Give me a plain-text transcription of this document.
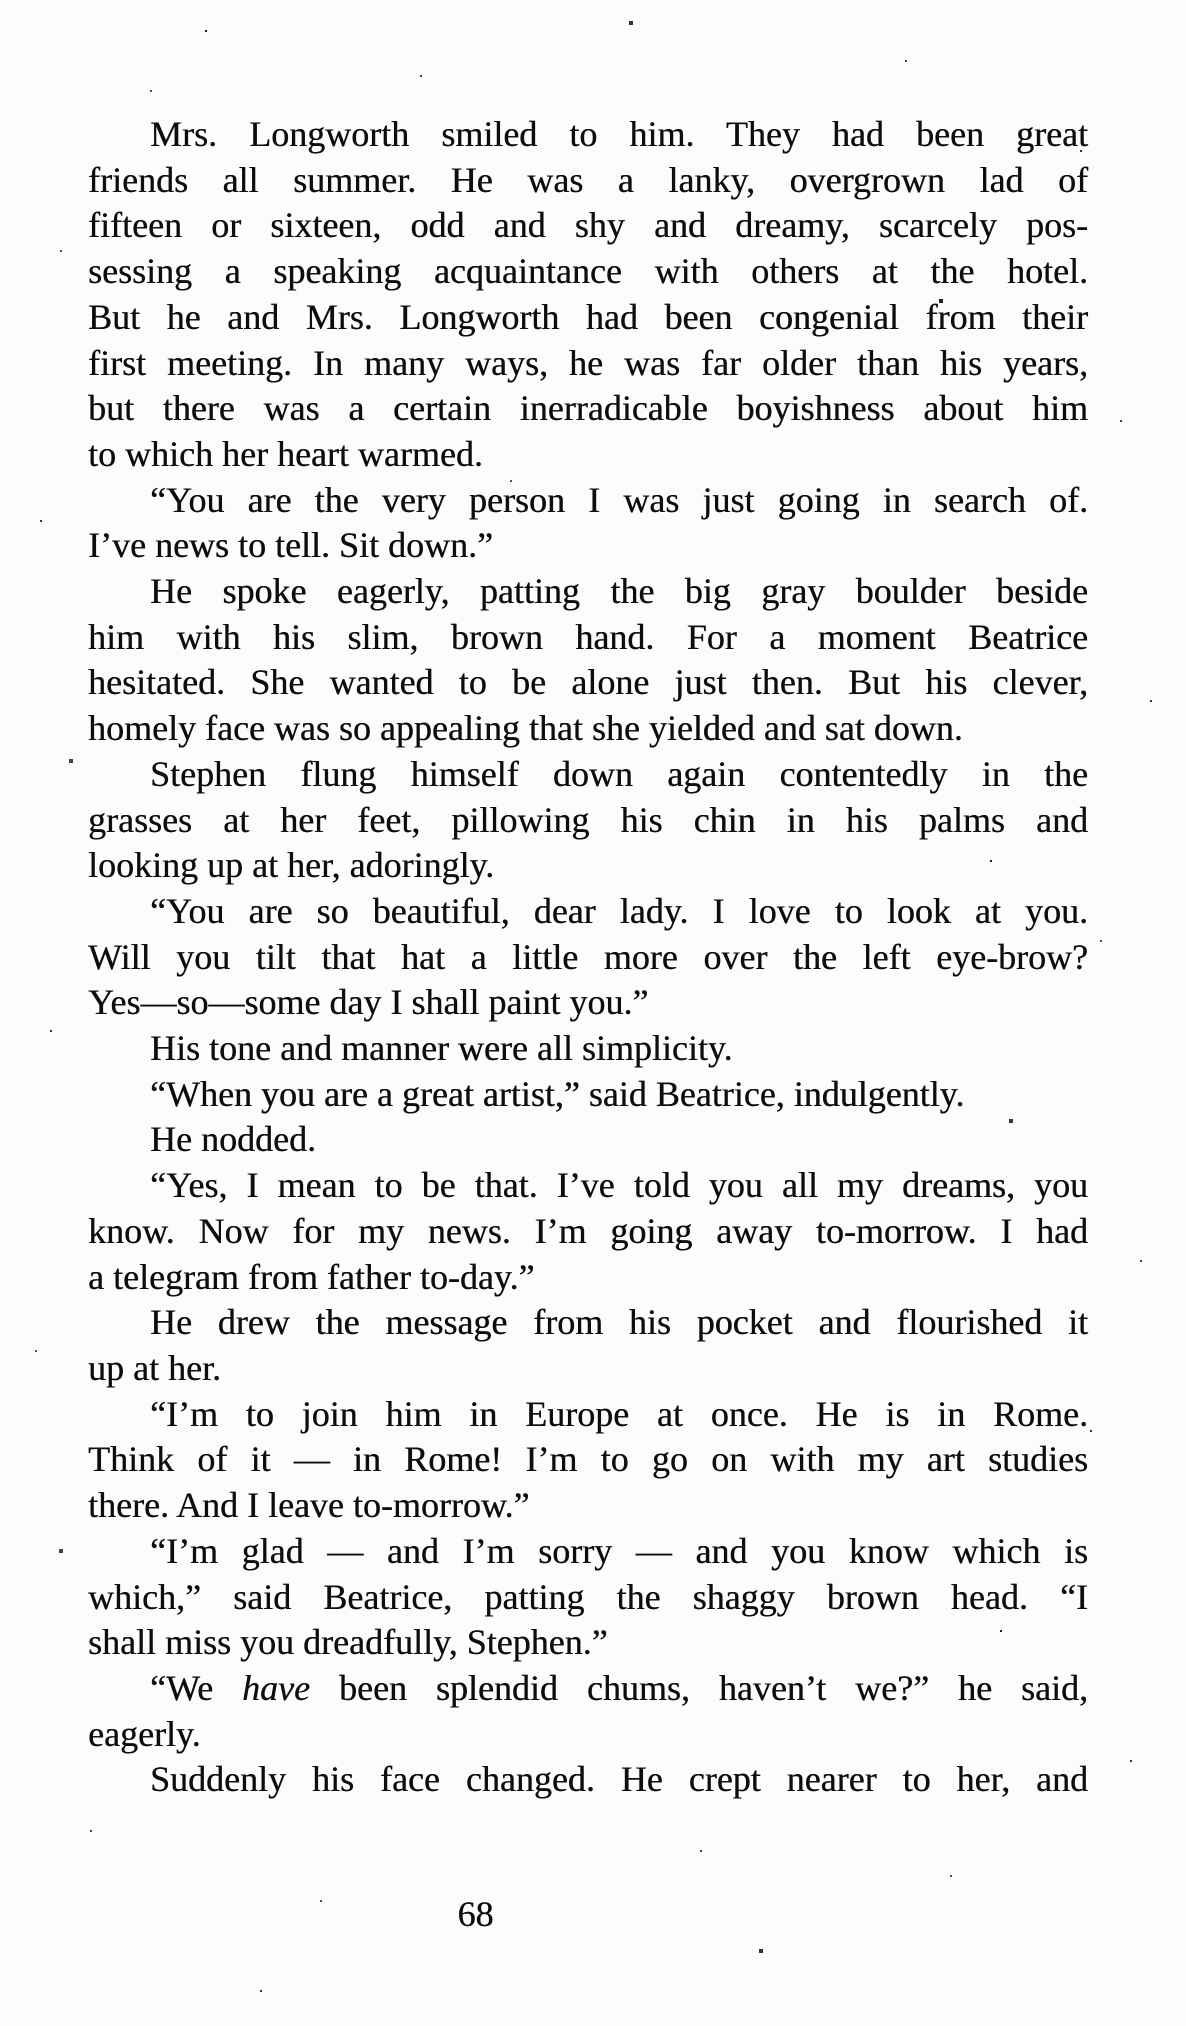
Mrs. Longworth smiled to him. They had been great
friends all summer. He was a lanky, overgrown lad of
fifteen or sixteen, odd and shy and dreamy, scarcely pos-
sessing a speaking acquaintance with others at the hotel.
But he and Mrs. Longworth had been congenial from their
first meeting. In many ways, he was far older than his years,
but there was a certain inerradicable boyishness about him
to which her heart warmed.
“You are the very person I was just going in search of.
I’ve news to tell. Sit down.”
He spoke eagerly, patting the big gray boulder beside
him with his slim, brown hand. For a moment Beatrice
hesitated. She wanted to be alone just then. But his clever,
homely face was so appealing that she yielded and sat down.
Stephen flung himself down again contentedly in the
grasses at her feet, pillowing his chin in his palms and
looking up at her, adoringly.
“You are so beautiful, dear lady. I love to look at you.
Will you tilt that hat a little more over the left eye-brow?
Yes—so—some day I shall paint you.”
His tone and manner were all simplicity.
“When you are a great artist,” said Beatrice, indulgently.
He nodded.
“Yes, I mean to be that. I’ve told you all my dreams, you
know. Now for my news. I’m going away to-morrow. I had
a telegram from father to-day.”
He drew the message from his pocket and flourished it
up at her.
“I’m to join him in Europe at once. He is in Rome.
Think of it — in Rome! I’m to go on with my art studies
there. And I leave to-morrow.”
“I’m glad — and I’m sorry — and you know which is
which,” said Beatrice, patting the shaggy brown head. “I
shall miss you dreadfully, Stephen.”
“We have been splendid chums, haven’t we?” he said,
eagerly.
Suddenly his face changed. He crept nearer to her, and
68
